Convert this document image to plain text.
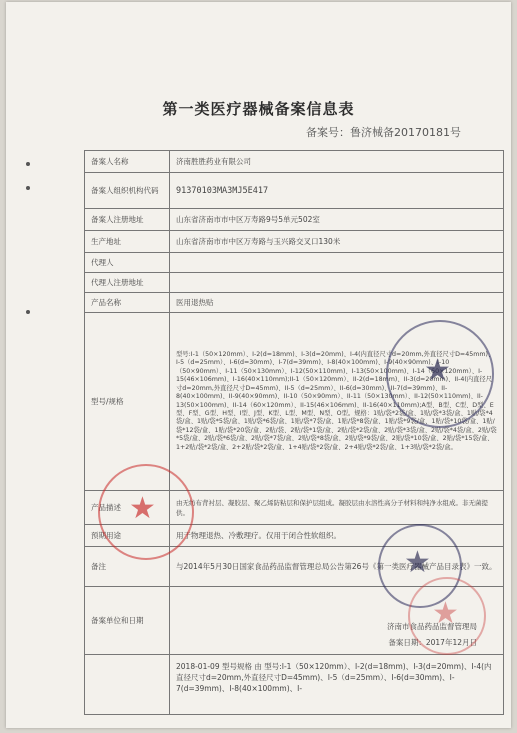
第一类医疗器械备案信息表
备案号：鲁济械备20170181号
备案人名称	济南胜胜药业有限公司
备案人组织机构代码	91370103MA3MJ5E417
备案人注册地址	山东省济南市市中区万寿路9号5单元502室
生产地址	山东省济南市市中区万寿路与玉兴路交叉口130米
代理人	
代理人注册地址	
产品名称	医用退热贴
型号/规格	型号:I-1（50×120mm）、I-2(d=18mm)、I-3(d=20mm)、I-4(内直径尺寸d=20mm,外直径尺寸D=45mm)、I-5（d=25mm）、I-6(d=30mm)、I-7(d=39mm)、I-8(40×100mm)、I-9(40×90mm)、I-10（50×90mm）、I-11（50×130mm）、I-12(50×110mm)、I-13(50×100mm)、I-14（60×120mm）、I-15(46×106mm)、I-16(40×110mm);II-1（50×120mm）、II-2(d=18mm)、II-3(d=20mm)、II-4(内直径尺寸d=20mm,外直径尺寸D=45mm)、II-5（d=25mm）、II-6(d=30mm)、II-7(d=39mm)、II-8(40×100mm)、II-9(40×90mm)、II-10（50×90mm）、II-11（50×130mm）、II-12(50×110mm)、II-13(50×100mm)、II-14（60×120mm）、II-15(46×106mm)、II-16(40×110mm);A型、B型、C型、D型、E型、F型、G型、H型、I型、J型、K型、L型、M型、N型、O型。规格：1贴/袋*2袋/盒、1贴/袋*3袋/盒、1贴/袋*4袋/盒、1贴/袋*5袋/盒、1贴/袋*6袋/盒、1贴/袋*7袋/盒、1贴/袋*8袋/盒、1贴/袋*9袋/盒、1贴/袋*10袋/盒、1贴/袋*12袋/盒、1贴/袋*20袋/盒、2贴/袋、2贴/袋*1袋/盒、2贴/袋*2袋/盒、2贴/袋*3袋/盒、2贴/袋*4袋/盒、2贴/袋*5袋/盒、2贴/袋*6袋/盒、2贴/袋*7袋/盒、2贴/袋*8袋/盒、2贴/袋*9袋/盒、2贴/袋*10袋/盒、2贴/袋*15袋/盒、1+2贴/袋*2袋/盒、2+2贴/袋*2袋/盒、1+4贴/袋*2袋/盒、2+4贴/袋*2袋/盒、1+3贴/袋*2袋/盒。
产品描述	由无纺布背衬层、凝胶层、聚乙烯防粘层和保护层组成。凝胶层由水溶性高分子材料和纯净水组成。非无菌提供。
预期用途	用于物理退热、冷敷理疗。仅用于闭合性软组织。
备注	与2014年5月30日国家食品药品监督管理总局公告第26号《第一类医疗器械产品目录表》一致。
备案单位和日期	济南市食品药品监督管理局
备案日期：2017年12月日

	2018-01-09 型号规格 由 型号:I-1（50×120mm）、I-2(d=18mm)、I-3(d=20mm)、I-4(内直径尺寸d=20mm,外直径尺寸D=45mm)、I-5（d=25mm）、I-6(d=30mm)、I-7(d=39mm)、I-8(40×100mm)、I-
★
★
★
★
